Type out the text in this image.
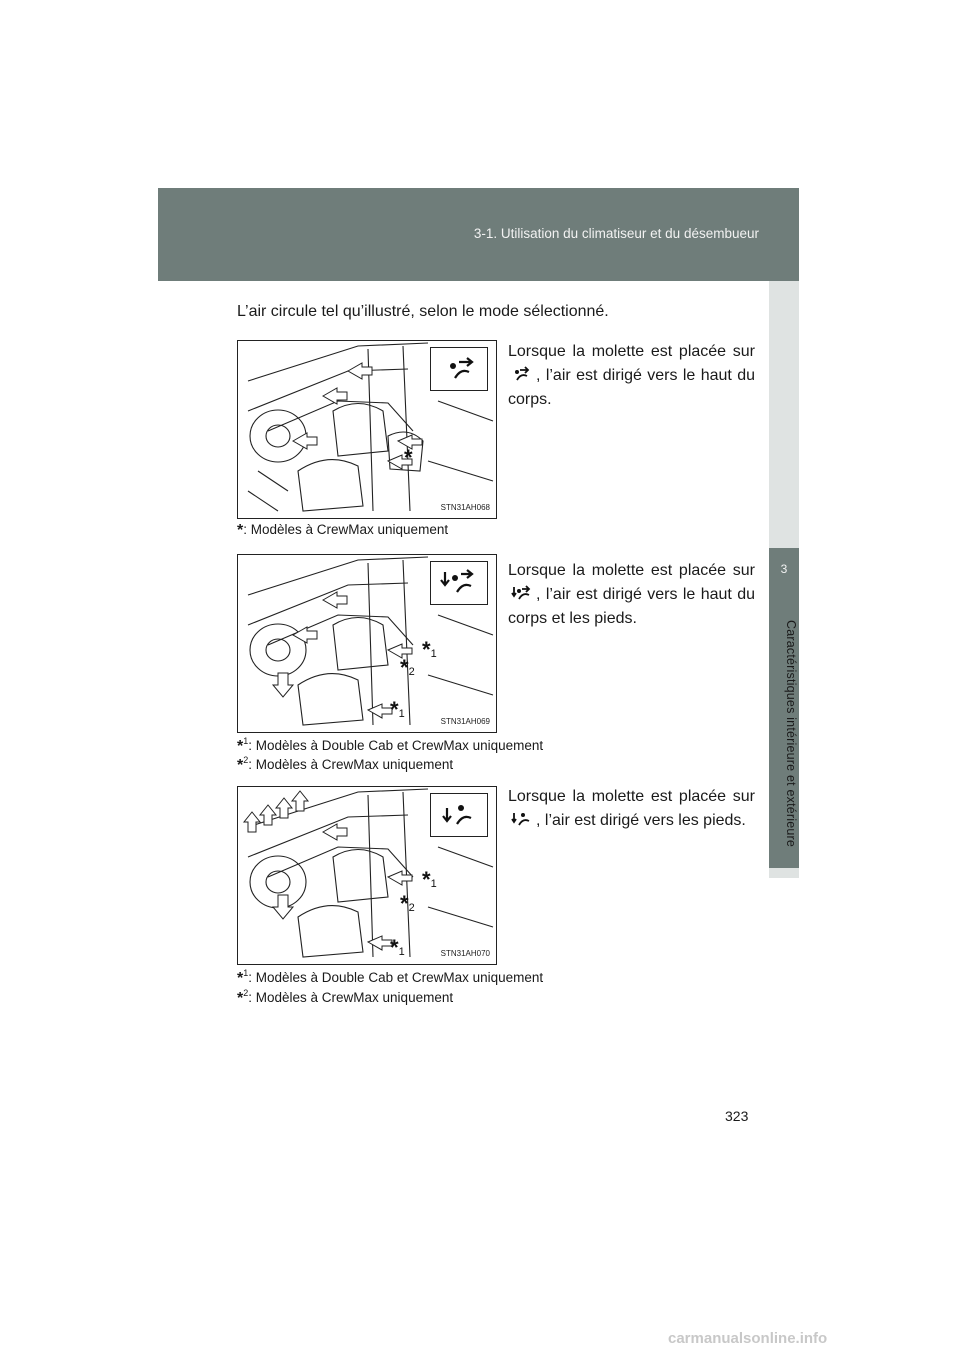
3-1. Utilisation du climatiseur et du désembueur
3
Caractéristiques intérieure et extérieure
L’air circule tel qu’illustré, selon le mode sélectionné.
*
STN31AH068
Lorsque la molette est placée sur , l’air est dirigé vers le haut du corps.
*: Modèles à CrewMax uniquement
*1
*2
*1
STN31AH069
Lorsque la molette est placée sur , l’air est dirigé vers le haut du corps et les pieds.
*$^1$: Modèles à Double Cab et CrewMax uniquement
*$^2$: Modèles à CrewMax uniquement
*1
*2
*1	STN31AH070
Lorsque la molette est placée sur , l’air est dirigé vers les pieds.
*$^1$: Modèles à Double Cab et CrewMax uniquement
*$^2$: Modèles à CrewMax uniquement
323
carmanualsonline.info
